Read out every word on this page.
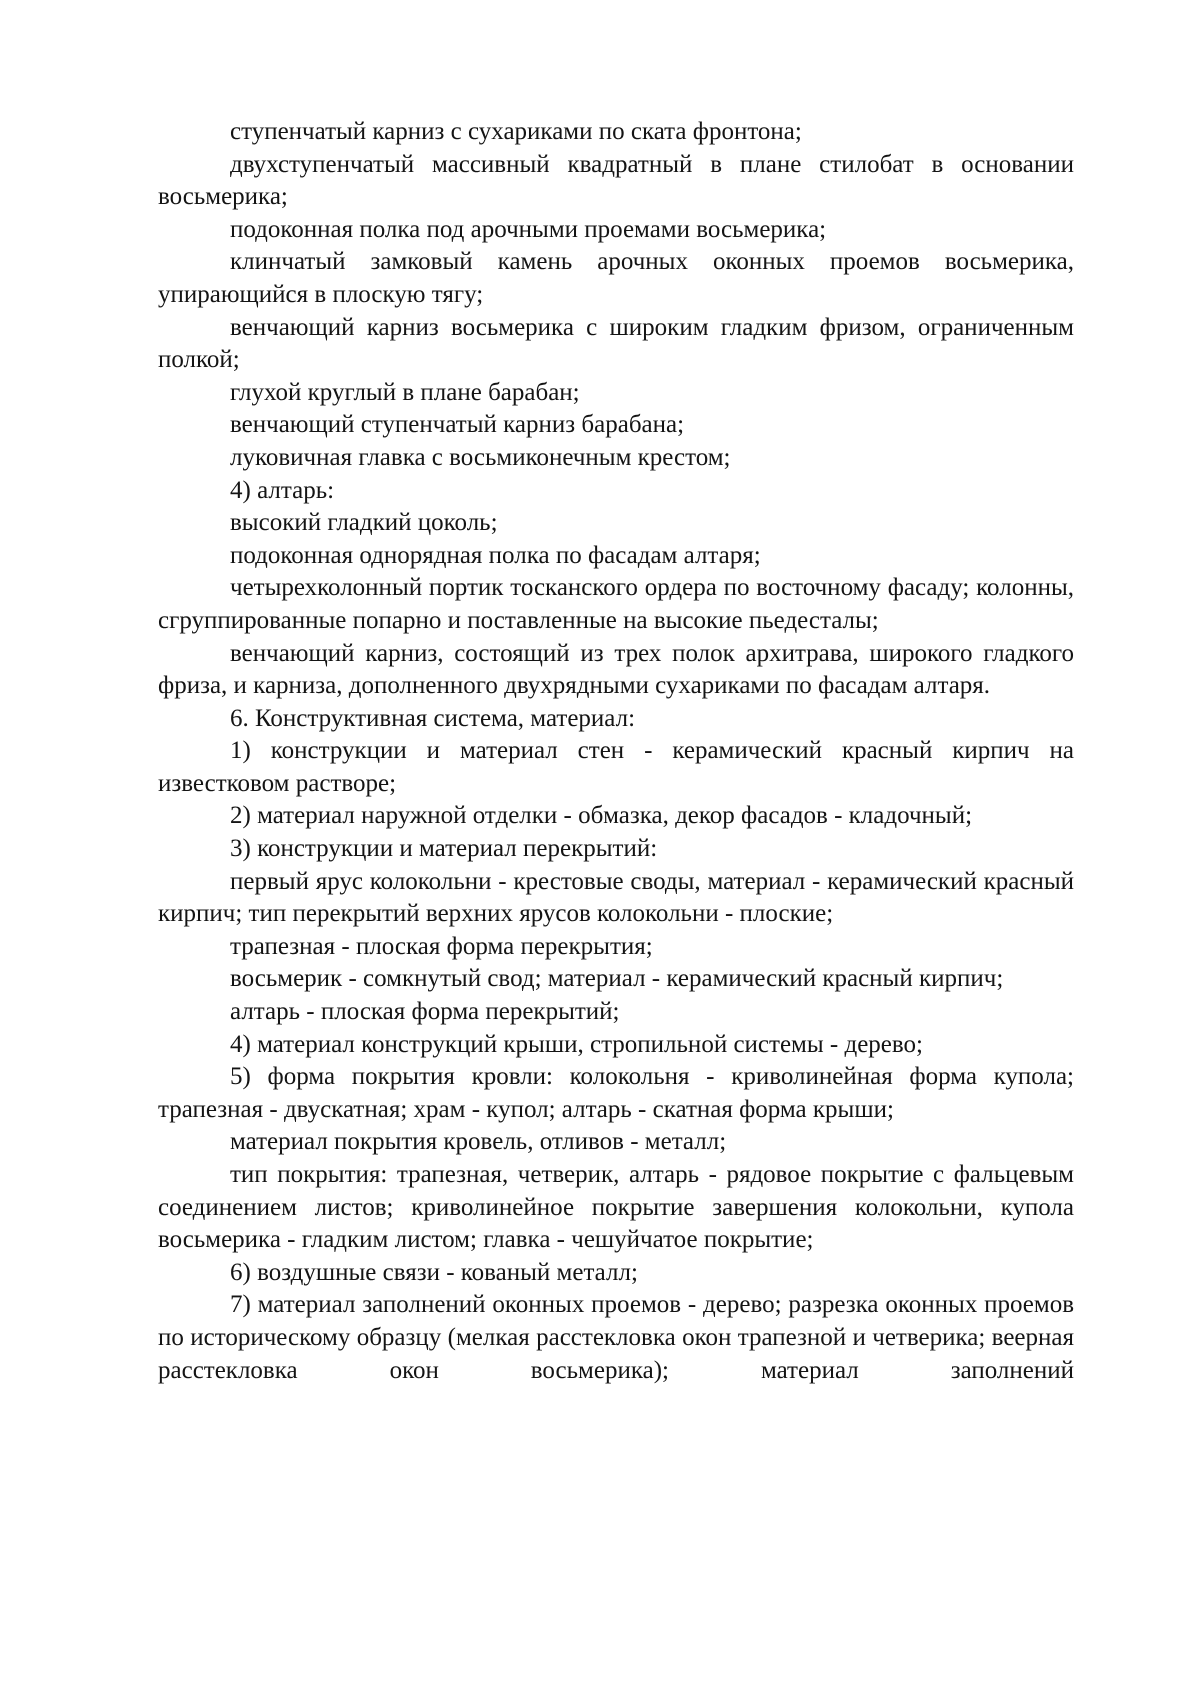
ступенчатый карниз с сухариками по ската фронтона;

двухступенчатый массивный квадратный в плане стилобат в основании восьмерика;

подоконная полка под арочными проемами восьмерика;

клинчатый замковый камень арочных оконных проемов восьмерика, упирающийся в плоскую тягу;

венчающий карниз восьмерика с широким гладким фризом, ограниченным полкой;

глухой круглый в плане барабан;

венчающий ступенчатый карниз барабана;

луковичная главка с восьмиконечным крестом;

4) алтарь:

высокий гладкий цоколь;

подоконная однорядная полка по фасадам алтаря;

четырехколонный портик тосканского ордера по восточному фасаду; колонны, сгруппированные попарно и поставленные на высокие пьедесталы;

венчающий карниз, состоящий из трех полок архитрава, широкого гладкого фриза, и карниза, дополненного двухрядными сухариками по фасадам алтаря.

6. Конструктивная система, материал:

1) конструкции и материал стен - керамический красный кирпич на известковом растворе;

2) материал наружной отделки - обмазка, декор фасадов - кладочный;

3) конструкции и материал перекрытий:

первый ярус колокольни - крестовые своды, материал - керамический красный кирпич; тип перекрытий верхних ярусов колокольни - плоские;

трапезная - плоская форма перекрытия;

восьмерик - сомкнутый свод; материал - керамический красный кирпич;

алтарь - плоская форма перекрытий;

4) материал конструкций крыши, стропильной системы - дерево;

5) форма покрытия кровли: колокольня - криволинейная форма купола; трапезная - двускатная; храм - купол; алтарь - скатная форма крыши;

материал покрытия кровель, отливов - металл;

тип покрытия: трапезная, четверик, алтарь - рядовое покрытие с фальцевым соединением листов; криволинейное покрытие завершения колокольни, купола восьмерика - гладким листом; главка - чешуйчатое покрытие;

6) воздушные связи - кованый металл;

7) материал заполнений оконных проемов - дерево; разрезка оконных проемов по историческому образцу (мелкая расстекловка окон трапезной и четверика; веерная расстекловка окон восьмерика); материал заполнений
